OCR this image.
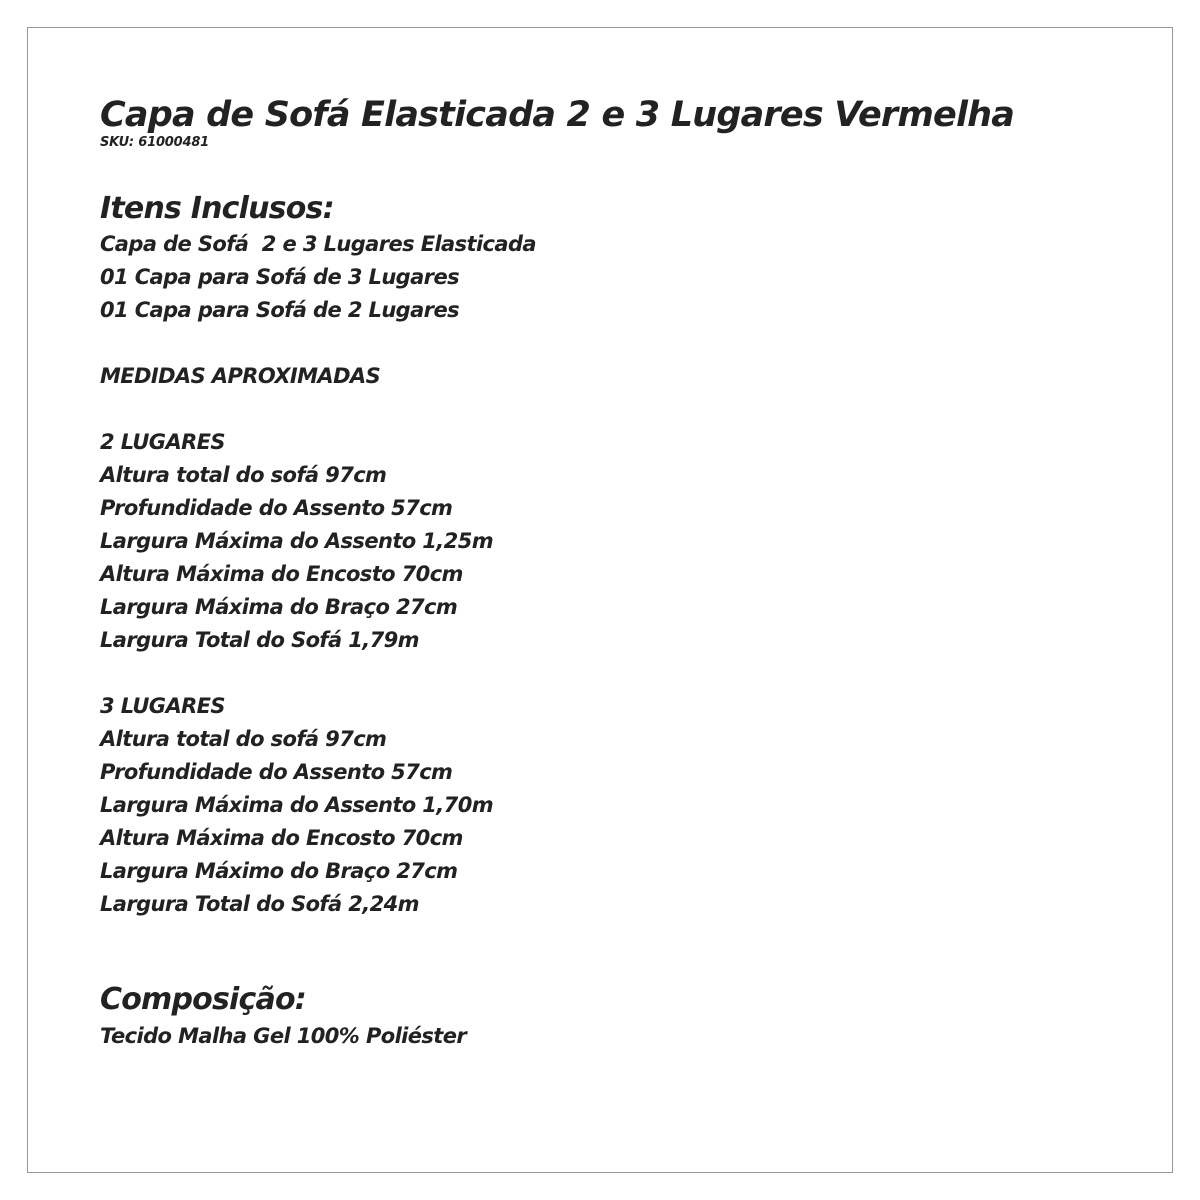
Capa de Sofá Elasticada 2 e 3 Lugares Vermelha
SKU: 61000481
Itens Inclusos:
Capa de Sofá  2 e 3 Lugares Elasticada
01 Capa para Sofá de 3 Lugares
01 Capa para Sofá de 2 Lugares
MEDIDAS APROXIMADAS
2 LUGARES
Altura total do sofá 97cm
Profundidade do Assento 57cm
Largura Máxima do Assento 1,25m
Altura Máxima do Encosto 70cm
Largura Máxima do Braço 27cm
Largura Total do Sofá 1,79m
3 LUGARES
Altura total do sofá 97cm
Profundidade do Assento 57cm
Largura Máxima do Assento 1,70m
Altura Máxima do Encosto 70cm
Largura Máximo do Braço 27cm
Largura Total do Sofá 2,24m
Composição:
Tecido Malha Gel 100% Poliéster
